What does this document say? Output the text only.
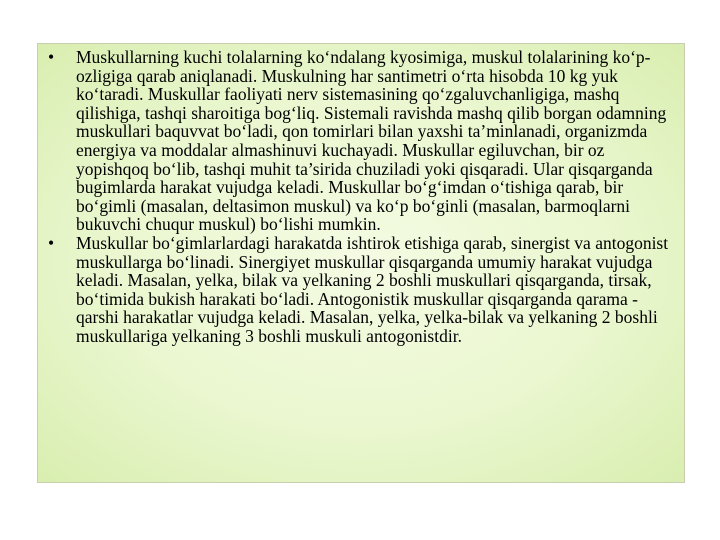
• Muskullarning kuchi tolalarning ko‘ndalang kyosimiga, muskul tolalarining ko‘p-ozligiga qarab aniqlanadi. Muskulning har santimetri o‘rta hisobda 10 kg yuk ko‘taradi. Muskullar faoliyati nerv sistemasining qo‘zgaluvchanligiga, mashq qilishiga, tashqi sharoitiga bog‘liq. Sistemali ravishda mashq qilib borgan odamning muskullari baquvvat bo‘ladi, qon tomirlari bilan yaxshi ta’minlanadi, organizmda energiya va moddalar almashinuvi kuchayadi. Muskullar egiluvchan, bir oz yopishqoq bo‘lib, tashqi muhit ta’sirida chuziladi yoki qisqaradi. Ular qisqarganda bugimlarda harakat vujudga keladi. Muskullar bo‘g‘imdan o‘tishiga qarab, bir bo‘gimli (masalan, deltasimon muskul) va ko‘p bo‘ginli (masalan, barmoqlarni bukuvchi chuqur muskul) bo‘lishi mumkin.
• Muskullar bo‘gimlarlardagi harakatda ishtirok etishiga qarab, sinergist va antogonist muskullarga bo‘linadi. Sinergiyet muskullar qisqarganda umumiy harakat vujudga keladi. Masalan, yelka, bilak va yelkaning 2 boshli muskullari qisqarganda, tirsak, bo‘timida bukish harakati bo‘ladi. Antogonistik muskullar qisqarganda qarama -qarshi harakatlar vujudga keladi. Masalan, yelka, yelka-bilak va yelkaning 2 boshli muskullariga yelkaning 3 boshli muskuli antogonistdir.
